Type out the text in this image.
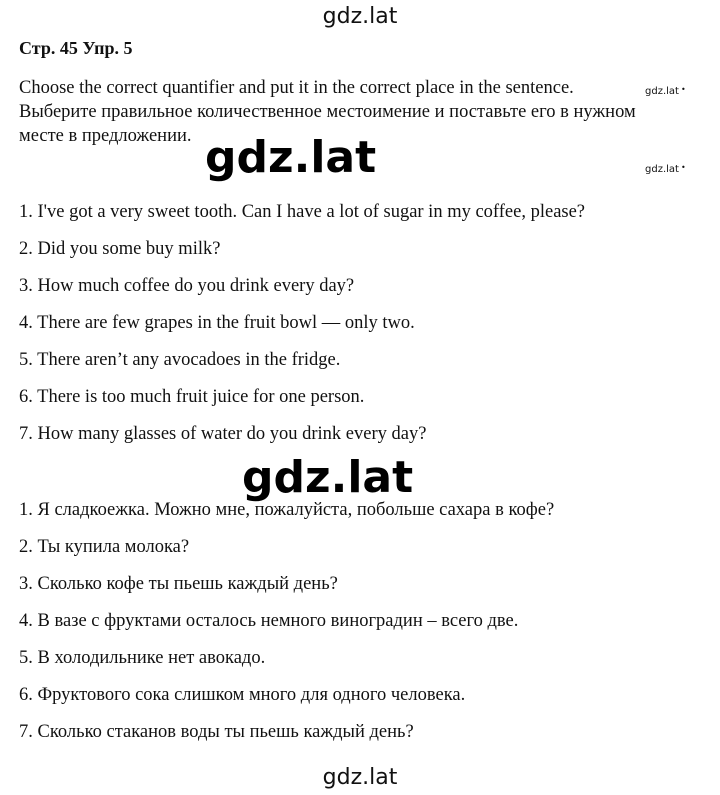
gdz.lat
Стр. 45 Упр. 5
Choose the correct quantifier and put it in the correct place in the sentence.	gdz.lat •
Выберите правильное количественное местоимение и поставьте его в нужном
месте в предложении. gdz.lat	gdz.lat •
1. I've got a very sweet tooth. Can I have a lot of sugar in my coffee, please?
2. Did you some buy milk?
3. How much coffee do you drink every day?
4. There are few grapes in the fruit bowl — only two.
5. There aren’t any avocadoes in the fridge.
6. There is too much fruit juice for one person.
7. How many glasses of water do you drink every day?
gdz.lat
1. Я сладкоежка. Можно мне, пожалуйста, побольше сахара в кофе?
2. Ты купила молока?
3. Сколько кофе ты пьешь каждый день?
4. В вазе с фруктами осталось немного виноградин – всего две.
5. В холодильнике нет авокадо.
6. Фруктового сока слишком много для одного человека.
7. Сколько стаканов воды ты пьешь каждый день?
gdz.lat
